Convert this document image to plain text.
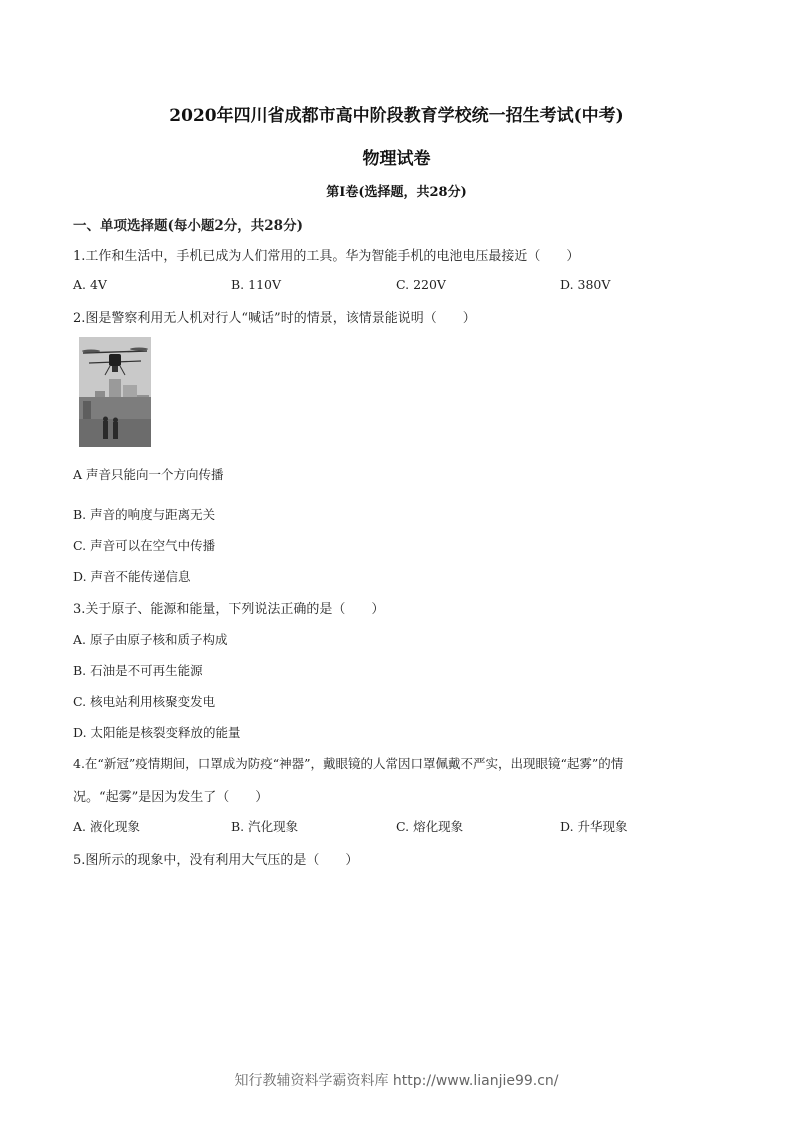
2020年四川省成都市高中阶段教育学校统一招生考试(中考)
物理试卷
第I卷(选择题，共28分)
一、单项选择题(每小题2分，共28分)
1.工作和生活中，手机已成为人们常用的工具。华为智能手机的电池电压最接近（　　）
A. 4V	B. 110V	C. 220V	D. 380V
2.图是警察利用无人机对行人“喊话”时的情景，该情景能说明（　　）
A 声音只能向一个方向传播
B. 声音的响度与距离无关
C. 声音可以在空气中传播
D. 声音不能传递信息
3.关于原子、能源和能量，下列说法正确的是（　　）
A. 原子由原子核和质子构成
B. 石油是不可再生能源
C. 核电站利用核聚变发电
D. 太阳能是核裂变释放的能量
4.在“新冠”疫情期间，口罩成为防疫“神器”，戴眼镜的人常因口罩佩戴不严实，出现眼镜“起雾”的情
况。“起雾”是因为发生了（　　）
A. 液化现象	B. 汽化现象	C. 熔化现象	D. 升华现象
5.图所示的现象中，没有利用大气压的是（　　）
知行教辅资料学霸资料库 http://www.lianjie99.cn/
